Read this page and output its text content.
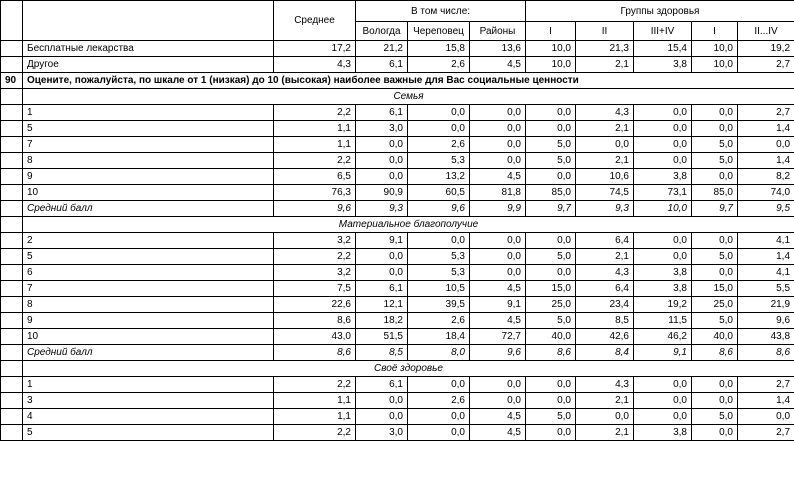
		Среднее	В том числе:			Группы здоровья				
			Вологда	Череповец	Районы	I	II	III+IV	I	II...IV
	Бесплатные лекарства	17,2	21,2	15,8	13,6	10,0	21,3	15,4	10,0	19,2
	Другое	4,3	6,1	2,6	4,5	10,0	2,1	3,8	10,0	2,7
90	Оцените, пожалуйста, по шкале от 1 (низкая) до 10 (высокая) наиболее важные для Вас социальные ценности									
	Семья									
	1	2,2	6,1	0,0	0,0	0,0	4,3	0,0	0,0	2,7
	5	1,1	3,0	0,0	0,0	0,0	2,1	0,0	0,0	1,4
	7	1,1	0,0	2,6	0,0	5,0	0,0	0,0	5,0	0,0
	8	2,2	0,0	5,3	0,0	5,0	2,1	0,0	5,0	1,4
	9	6,5	0,0	13,2	4,5	0,0	10,6	3,8	0,0	8,2
	10	76,3	90,9	60,5	81,8	85,0	74,5	73,1	85,0	74,0
	Средний балл	9,6	9,3	9,6	9,9	9,7	9,3	10,0	9,7	9,5
	Материальное благополучие									
	2	3,2	9,1	0,0	0,0	0,0	6,4	0,0	0,0	4,1
	5	2,2	0,0	5,3	0,0	5,0	2,1	0,0	5,0	1,4
	6	3,2	0,0	5,3	0,0	0,0	4,3	3,8	0,0	4,1
	7	7,5	6,1	10,5	4,5	15,0	6,4	3,8	15,0	5,5
	8	22,6	12,1	39,5	9,1	25,0	23,4	19,2	25,0	21,9
	9	8,6	18,2	2,6	4,5	5,0	8,5	11,5	5,0	9,6
	10	43,0	51,5	18,4	72,7	40,0	42,6	46,2	40,0	43,8
	Средний балл	8,6	8,5	8,0	9,6	8,6	8,4	9,1	8,6	8,6
	Своё здоровье									
	1	2,2	6,1	0,0	0,0	0,0	4,3	0,0	0,0	2,7
	3	1,1	0,0	2,6	0,0	0,0	2,1	0,0	0,0	1,4
	4	1,1	0,0	0,0	4,5	5,0	0,0	0,0	5,0	0,0
	5	2,2	3,0	0,0	4,5	0,0	2,1	3,8	0,0	2,7
